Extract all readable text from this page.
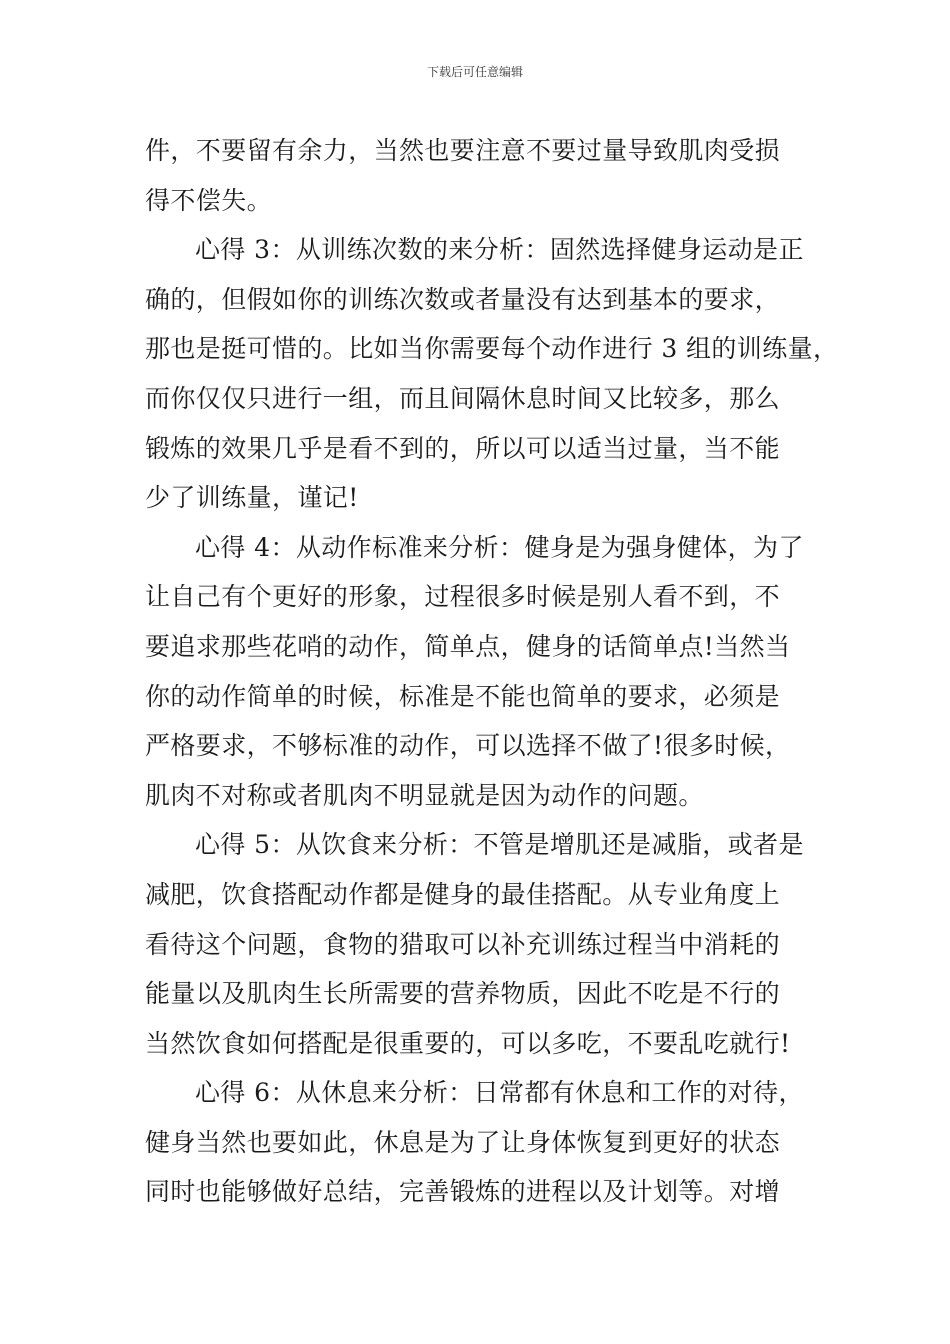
下载后可任意编辑
件，不要留有余力，当然也要注意不要过量导致肌肉受损
得不偿失。
心得 3：从训练次数的来分析：固然选择健身运动是正
确的，但假如你的训练次数或者量没有达到基本的要求，
那也是挺可惜的。比如当你需要每个动作进行 3 组的训练量，
而你仅仅只进行一组，而且间隔休息时间又比较多，那么
锻炼的效果几乎是看不到的，所以可以适当过量，当不能
少了训练量，谨记!
心得 4：从动作标准来分析：健身是为强身健体，为了
让自己有个更好的形象，过程很多时候是别人看不到，不
要追求那些花哨的动作，简单点，健身的话简单点!当然当
你的动作简单的时候，标准是不能也简单的要求，必须是
严格要求，不够标准的动作，可以选择不做了!很多时候，
肌肉不对称或者肌肉不明显就是因为动作的问题。
心得 5：从饮食来分析：不管是增肌还是减脂，或者是
减肥，饮食搭配动作都是健身的最佳搭配。从专业角度上
看待这个问题，食物的猎取可以补充训练过程当中消耗的
能量以及肌肉生长所需要的营养物质，因此不吃是不行的
当然饮食如何搭配是很重要的，可以多吃，不要乱吃就行!
心得 6：从休息来分析：日常都有休息和工作的对待，
健身当然也要如此，休息是为了让身体恢复到更好的状态
同时也能够做好总结，完善锻炼的进程以及计划等。对增
